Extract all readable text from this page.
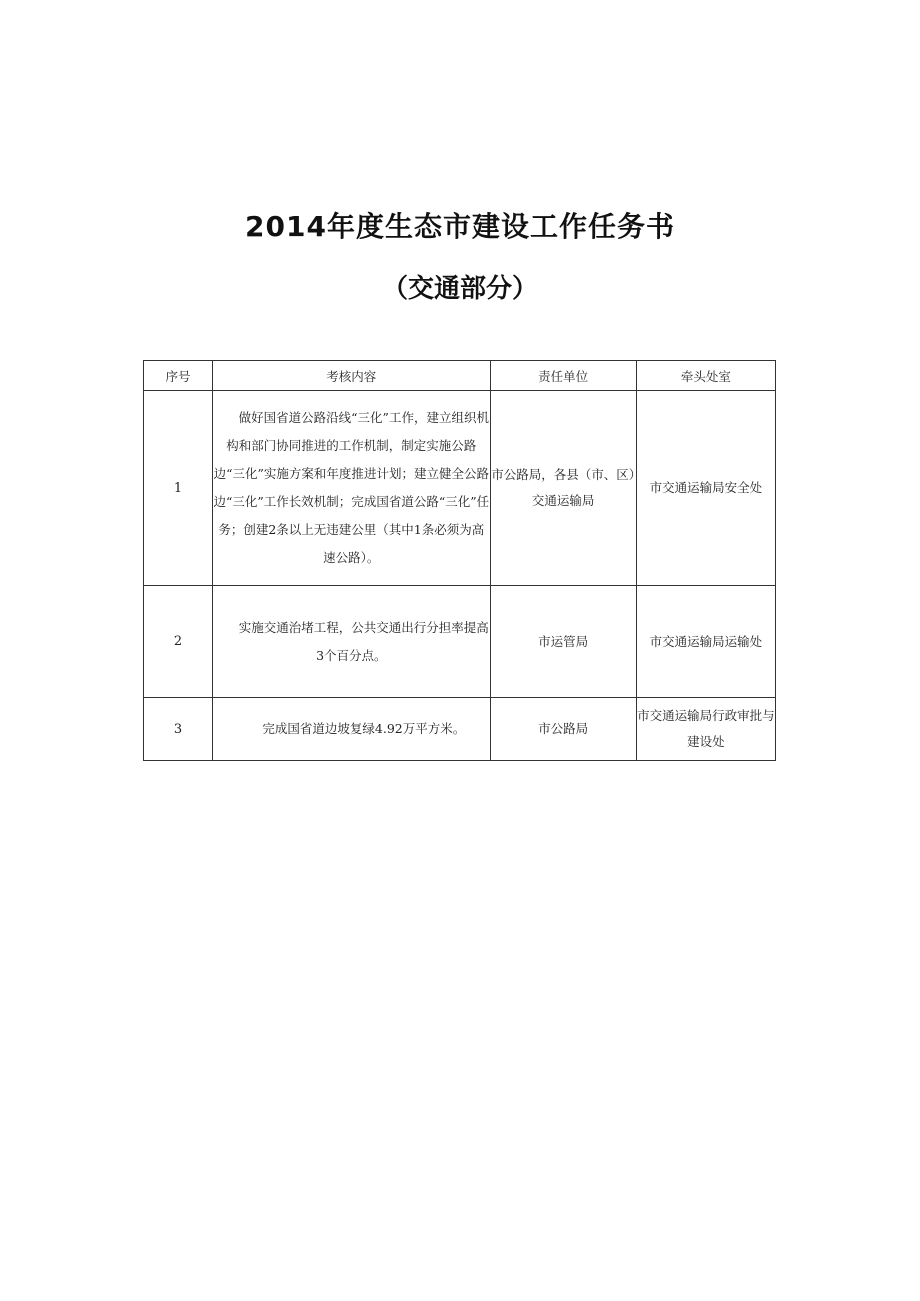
2014年度生态市建设工作任务书
（交通部分）
序号	考核内容	责任单位	牵头处室
1	做好国省道公路沿线“三化”工作，建立组织机构和部门协同推进的工作机制，制定实施公路边“三化”实施方案和年度推进计划；建立健全公路边“三化”工作长效机制；完成国省道公路“三化”任务；创建2条以上无违建公里（其中1条必须为高速公路）。	市公路局，各县（市、区）交通运输局	市交通运输局安全处
2	实施交通治堵工程，公共交通出行分担率提高3个百分点。	市运管局	市交通运输局运输处
3	完成国省道边坡复绿4.92万平方米。	市公路局	市交通运输局行政审批与建设处
